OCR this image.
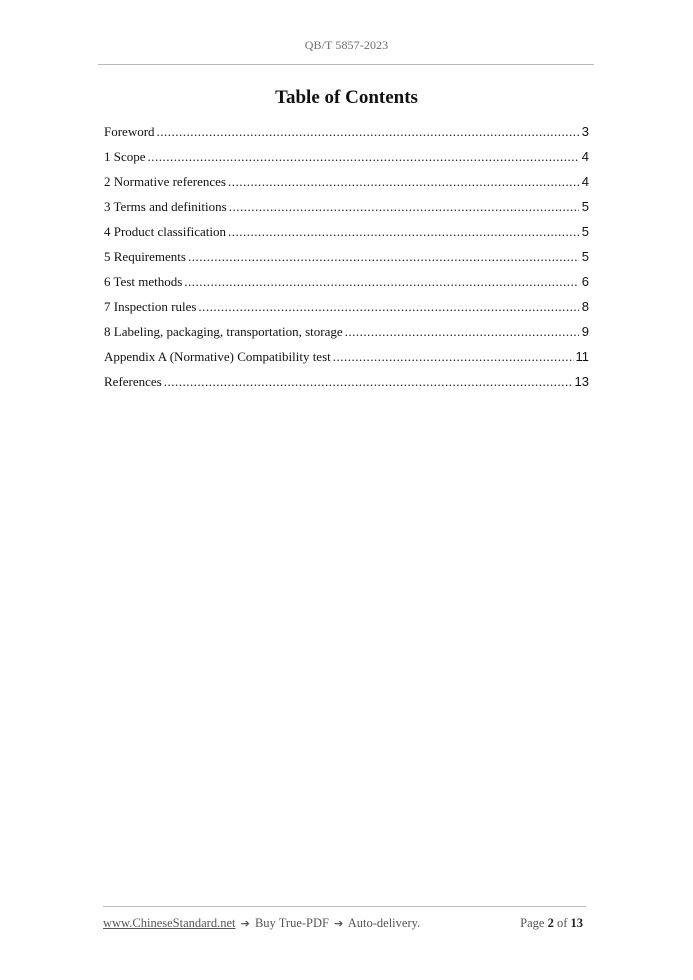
QB/T 5857-2023
Table of Contents
Foreword .....	3
1 Scope .....	4
2 Normative references .....	4
3 Terms and definitions .....	5
4 Product classification .....	5
5 Requirements .....	5
6 Test methods .....	6
7 Inspection rules .....	8
8 Labeling, packaging, transportation, storage .....	9
Appendix A (Normative) Compatibility test .....	11
References .....	13
www.ChineseStandard.net ➔ Buy True-PDF ➔ Auto-delivery.	Page 2 of 13
